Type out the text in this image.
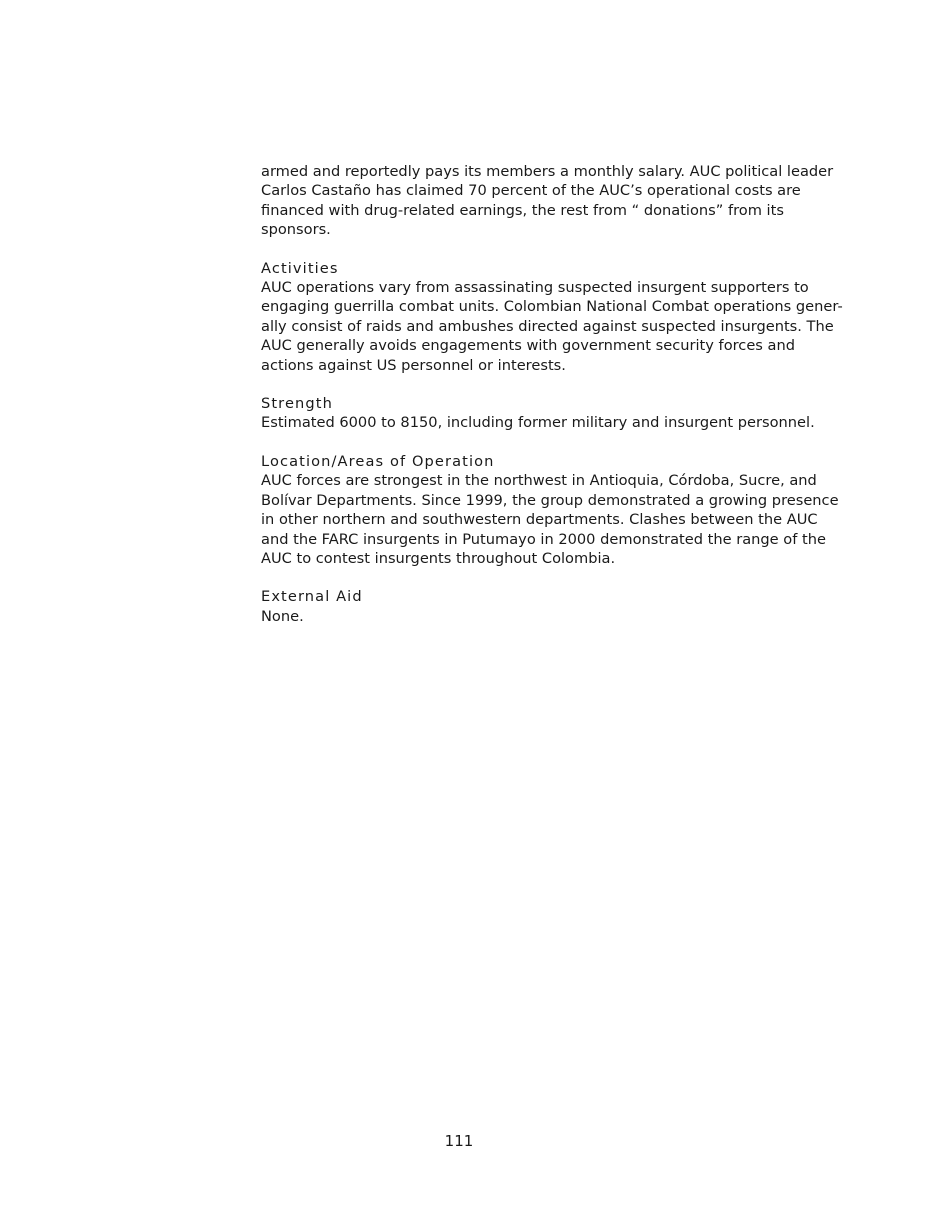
armed and reportedly pays its members a monthly salary. AUC political leader
Carlos Castaño has claimed 70 percent of the AUC’s operational costs are
financed with drug-related earnings, the rest from “ donations” from its
sponsors.

Activities

AUC operations vary from assassinating suspected insurgent supporters to
engaging guerrilla combat units. Colombian National Combat operations gener-
ally consist of raids and ambushes directed against suspected insurgents. The
AUC generally avoids engagements with government security forces and
actions against US personnel or interests.

Strength

Estimated 6000 to 8150, including former military and insurgent personnel.

Location/Areas of Operation

AUC forces are strongest in the northwest in Antioquia, Córdoba, Sucre, and
Bolívar Departments. Since 1999, the group demonstrated a growing presence
in other northern and southwestern departments. Clashes between the AUC
and the FARC insurgents in Putumayo in 2000 demonstrated the range of the
AUC to contest insurgents throughout Colombia.

External Aid

None.

111
